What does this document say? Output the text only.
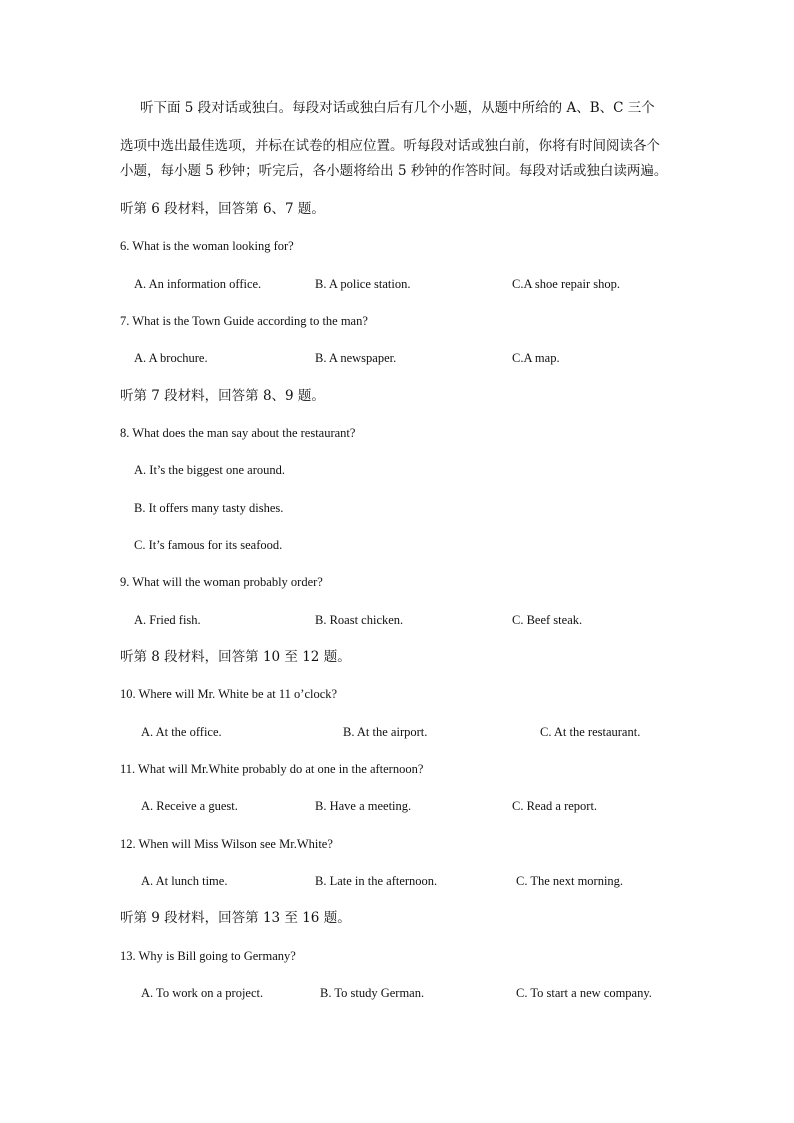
听下面 5 段对话或独白。每段对话或独白后有几个小题，从题中所给的 A、B、C 三个
选项中选出最佳选项，并标在试卷的相应位置。听每段对话或独白前，你将有时间阅读各个
小题，每小题 5 秒钟；听完后，各小题将给出 5 秒钟的作答时间。每段对话或独白读两遍。
听第 6 段材料，回答第 6、7 题。
6. What is the woman looking for?
A. An information office.	B. A police station.	C.A shoe repair shop.
7. What is the Town Guide according to the man?
A. A brochure.	B. A newspaper.	C.A map.
听第 7 段材料，回答第 8、9 题。
8. What does the man say about the restaurant?
A. It’s the biggest one around.
B. It offers many tasty dishes.
C. It’s famous for its seafood.
9. What will the woman probably order?
A. Fried fish.	B. Roast chicken.	C. Beef steak.
听第 8 段材料，回答第 10 至 12 题。
10. Where will Mr. White be at 11 o’clock?
A. At the office.	B. At the airport.	C. At the restaurant.
11. What will Mr.White probably do at one in the afternoon?
A. Receive a guest.	B. Have a meeting.	C. Read a report.
12. When will Miss Wilson see Mr.White?
A. At lunch time.	B. Late in the afternoon.	C. The next morning.
听第 9 段材料，回答第 13 至 16 题。
13. Why is Bill going to Germany?
A. To work on a project.	B. To study German.	C. To start a new company.
